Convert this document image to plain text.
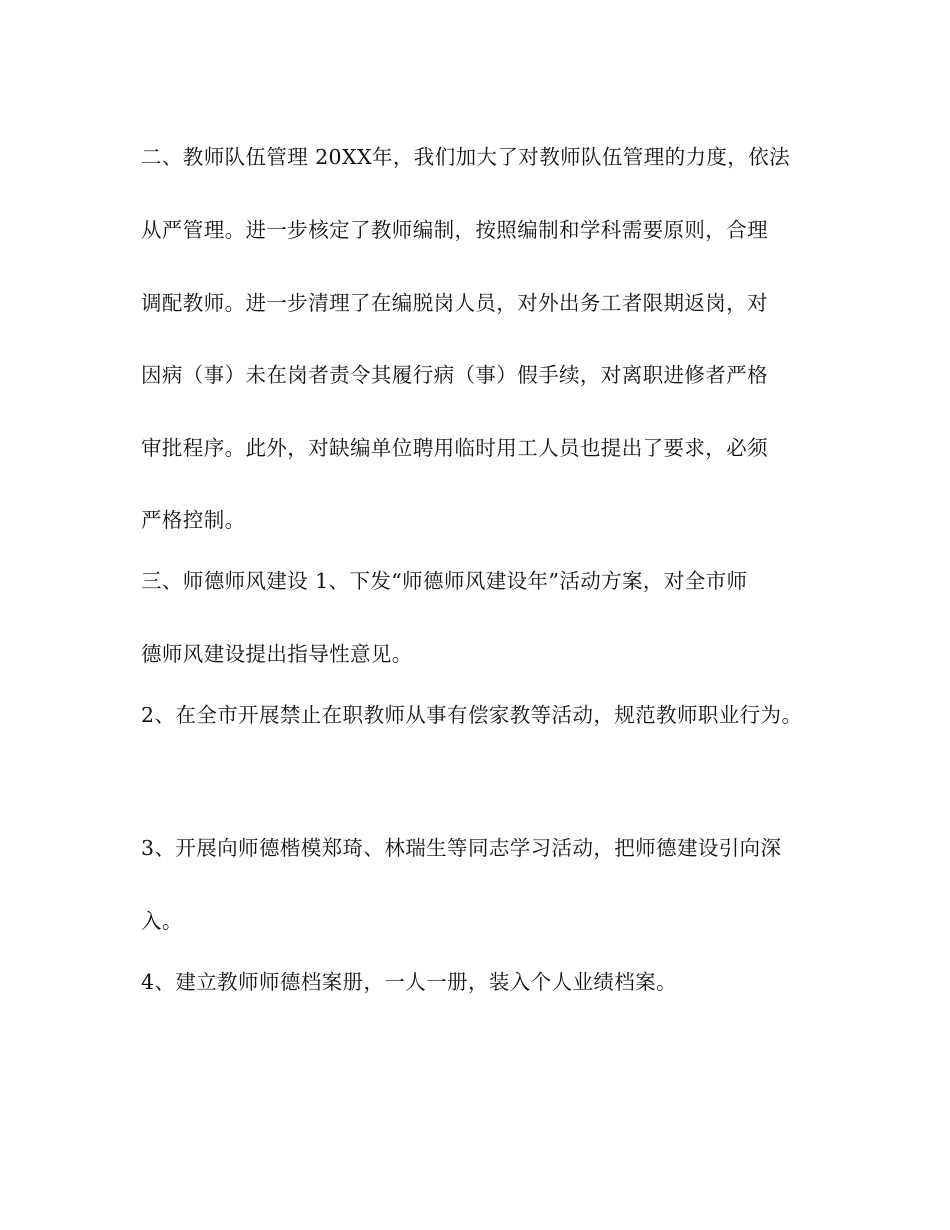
二、教师队伍管理 20XX年，我们加大了对教师队伍管理的力度，依法
从严管理。进一步核定了教师编制，按照编制和学科需要原则，合理
调配教师。进一步清理了在编脱岗人员，对外出务工者限期返岗，对
因病（事）未在岗者责令其履行病（事）假手续，对离职进修者严格
审批程序。此外，对缺编单位聘用临时用工人员也提出了要求，必须
严格控制。
三、师德师风建设 1、下发“师德师风建设年”活动方案，对全市师
德师风建设提出指导性意见。
2、在全市开展禁止在职教师从事有偿家教等活动，规范教师职业行为。
3、开展向师德楷模郑琦、林瑞生等同志学习活动，把师德建设引向深
入。
4、建立教师师德档案册，一人一册，装入个人业绩档案。
